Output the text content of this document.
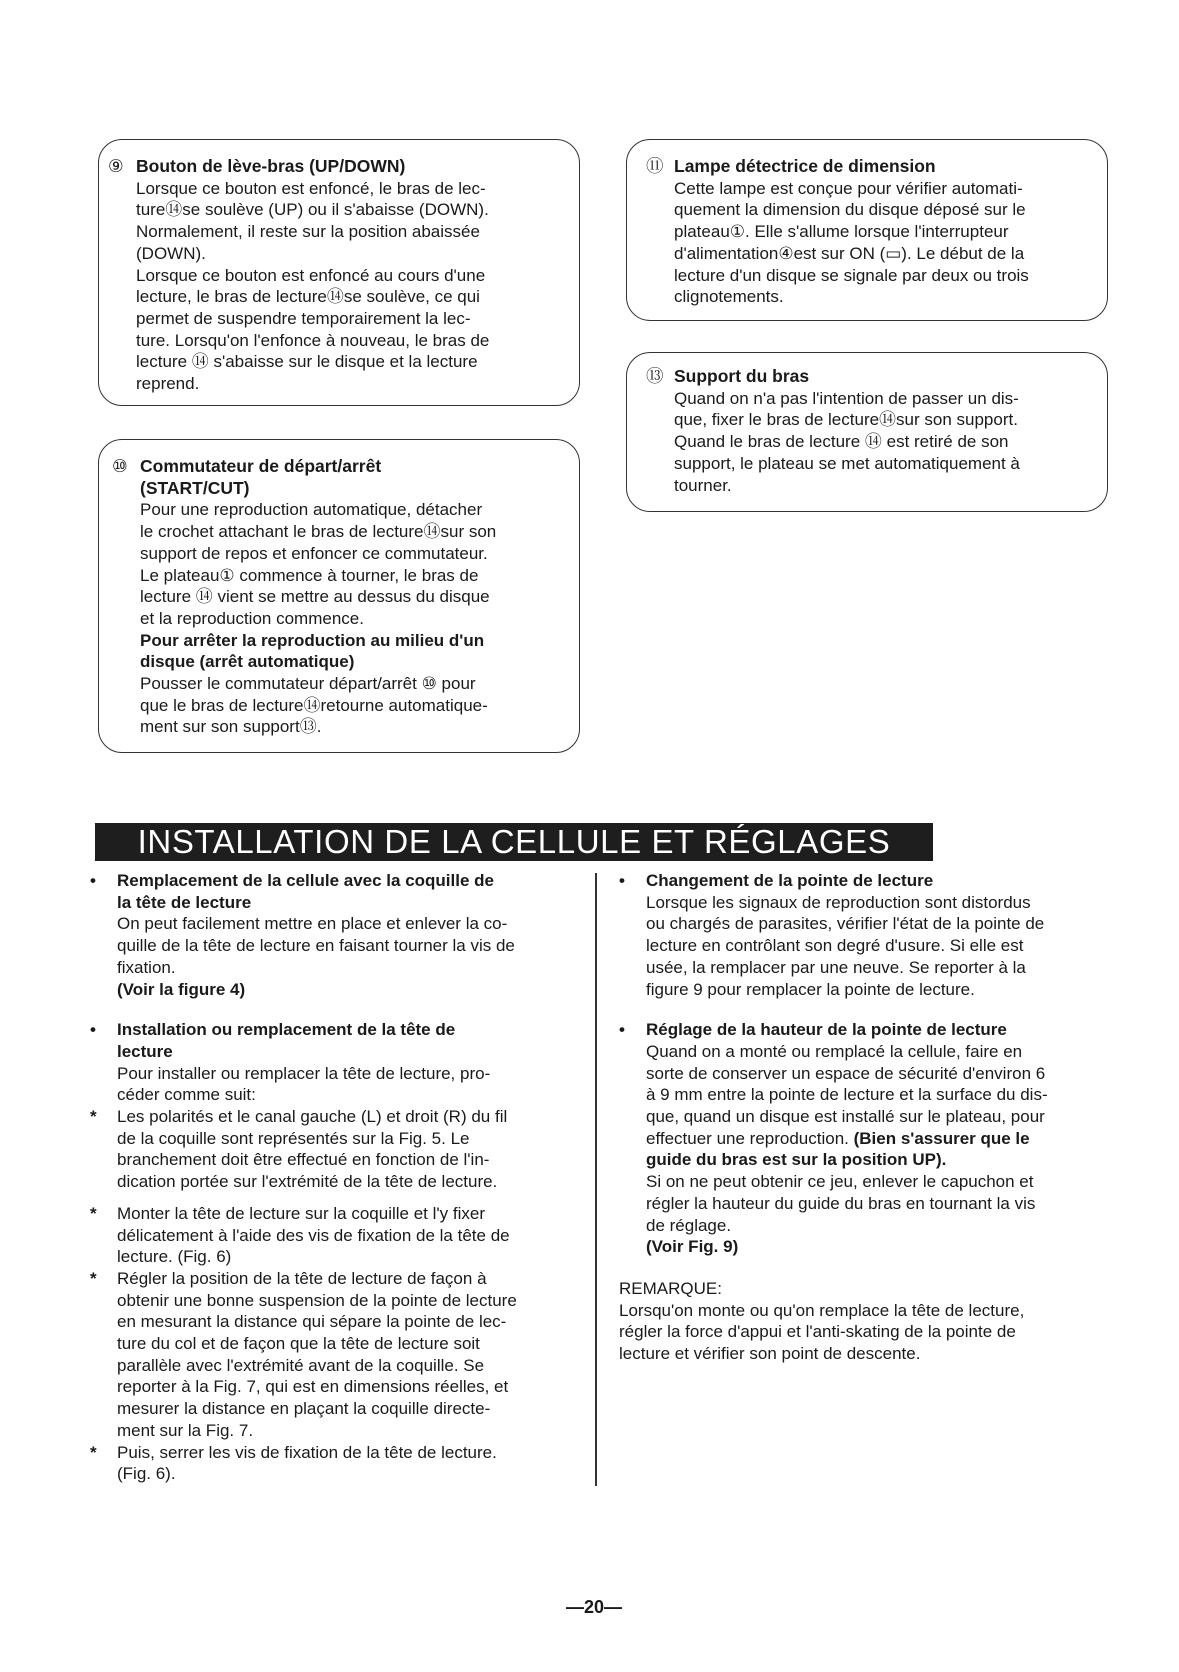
⑨ Bouton de lève-bras (UP/DOWN)
Lorsque ce bouton est enfoncé, le bras de lec-
ture⑭se soulève (UP) ou il s'abaisse (DOWN).
Normalement, il reste sur la position abaissée
(DOWN).
Lorsque ce bouton est enfoncé au cours d'une
lecture, le bras de lecture⑭se soulève, ce qui
permet de suspendre temporairement la lec-
ture. Lorsqu'on l'enfonce à nouveau, le bras de
lecture ⑭ s'abaisse sur le disque et la lecture
reprend.
⑩ Commutateur de départ/arrêt
(START/CUT)
Pour une reproduction automatique, détacher
le crochet attachant le bras de lecture⑭sur son
support de repos et enfoncer ce commutateur.
Le plateau① commence à tourner, le bras de
lecture ⑭ vient se mettre au dessus du disque
et la reproduction commence.
Pour arrêter la reproduction au milieu d'un
disque (arrêt automatique)
Pousser le commutateur départ/arrêt ⑩ pour
que le bras de lecture⑭retourne automatique-
ment sur son support⑬.
⑪ Lampe détectrice de dimension
Cette lampe est conçue pour vérifier automati-
quement la dimension du disque déposé sur le
plateau①. Elle s'allume lorsque l'interrupteur
d'alimentation④est sur ON (▭). Le début de la
lecture d'un disque se signale par deux ou trois
clignotements.
⑬ Support du bras
Quand on n'a pas l'intention de passer un dis-
que, fixer le bras de lecture⑭sur son support.
Quand le bras de lecture ⑭ est retiré de son
support, le plateau se met automatiquement à
tourner.
INSTALLATION DE LA CELLULE ET RÉGLAGES
•	Remplacement de la cellule avec la coquille de
la tête de lecture
On peut facilement mettre en place et enlever la co-
quille de la tête de lecture en faisant tourner la vis de
fixation.
(Voir la figure 4)
•	Installation ou remplacement de la tête de
lecture
Pour installer ou remplacer la tête de lecture, pro-
céder comme suit:
*	Les polarités et le canal gauche (L) et droit (R) du fil
de la coquille sont représentés sur la Fig. 5. Le
branchement doit être effectué en fonction de l'in-
dication portée sur l'extrémité de la tête de lecture.
*	Monter la tête de lecture sur la coquille et l'y fixer
délicatement à l'aide des vis de fixation de la tête de
lecture. (Fig. 6)
*	Régler la position de la tête de lecture de façon à
obtenir une bonne suspension de la pointe de lecture
en mesurant la distance qui sépare la pointe de lec-
ture du col et de façon que la tête de lecture soit
parallèle avec l'extrémité avant de la coquille. Se
reporter à la Fig. 7, qui est en dimensions réelles, et
mesurer la distance en plaçant la coquille directe-
ment sur la Fig. 7.
*	Puis, serrer les vis de fixation de la tête de lecture.
(Fig. 6).
•	Changement de la pointe de lecture
Lorsque les signaux de reproduction sont distordus
ou chargés de parasites, vérifier l'état de la pointe de
lecture en contrôlant son degré d'usure. Si elle est
usée, la remplacer par une neuve. Se reporter à la
figure 9 pour remplacer la pointe de lecture.
•	Réglage de la hauteur de la pointe de lecture
Quand on a monté ou remplacé la cellule, faire en
sorte de conserver un espace de sécurité d'environ 6
à 9 mm entre la pointe de lecture et la surface du dis-
que, quand un disque est installé sur le plateau, pour
effectuer une reproduction. (Bien s'assurer que le
guide du bras est sur la position UP).
Si on ne peut obtenir ce jeu, enlever le capuchon et
régler la hauteur du guide du bras en tournant la vis
de réglage.
(Voir Fig. 9)
REMARQUE:
Lorsqu'on monte ou qu'on remplace la tête de lecture,
régler la force d'appui et l'anti-skating de la pointe de
lecture et vérifier son point de descente.
—20—
